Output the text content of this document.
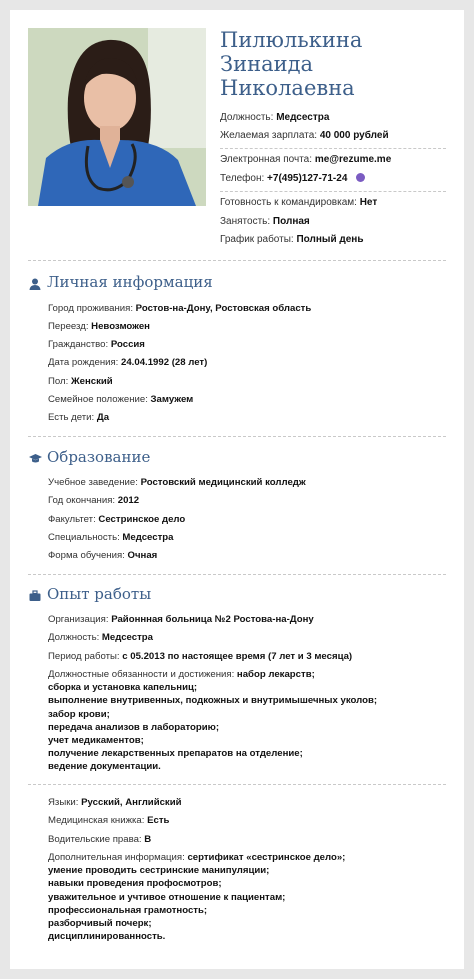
Пилюлькина
Зинаида
Николаевна
Должность: Медсестра
Желаемая зарплата: 40 000 рублей
Электронная почта: me@rezume.me
Телефон: +7(495)127-71-24
Готовность к командировкам: Нет
Занятость: Полная
График работы: Полный день
Личная информация
Город проживания: Ростов-на-Дону, Ростовская область
Переезд: Невозможен
Гражданство: Россия
Дата рождения: 24.04.1992 (28 лет)
Пол: Женский
Семейное положение: Замужем
Есть дети: Да
Образование
Учебное заведение: Ростовский медицинский колледж
Год окончания: 2012
Факультет: Сестринское дело
Специальность: Медсестра
Форма обучения: Очная
Опыт работы
Организация: Районнная больница №2 Ростова-на-Дону
Должность: Медсестра
Период работы: с 05.2013 по настоящее время (7 лет и 3 месяца)
Должностные обязанности и достижения: набор лекарств;
сборка и установка капельниц;
выполнение внутривенных, подкожных и внутримышечных уколов;
забор крови;
передача анализов в лабораторию;
учет медикаментов;
получение лекарственных препаратов на отделение;
ведение документации.
Языки: Русский, Английский
Медицинская книжка: Есть
Водительские права: B
Дополнительная информация: сертификат «сестринское дело»;
умение проводить сестринские манипуляции;
навыки проведения профосмотров;
уважительное и учтивое отношение к пациентам;
профессиональная грамотность;
разборчивый почерк;
дисциплинированность.
